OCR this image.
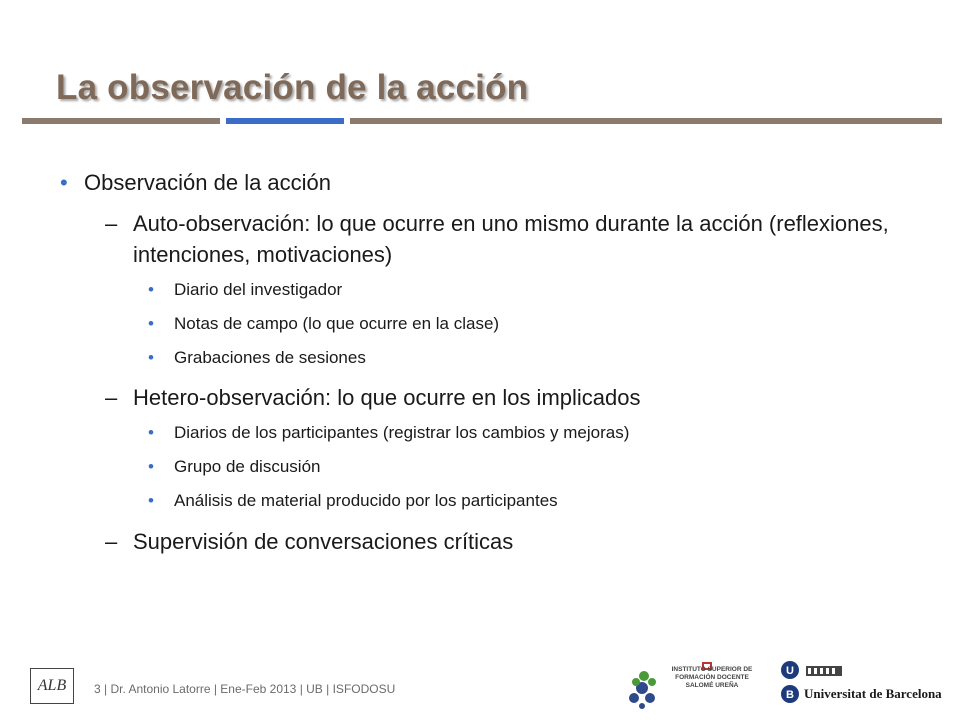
La observación de la acción
• Observación de la acción
– Auto-observación: lo que ocurre en uno mismo durante la acción (reflexiones, intenciones, motivaciones)
• Diario del investigador
• Notas de campo (lo que ocurre en la clase)
• Grabaciones de sesiones
– Hetero-observación: lo que ocurre en los implicados
• Diarios de los participantes (registrar los cambios y mejoras)
• Grupo de discusión
• Análisis de material producido por los participantes
– Supervisión de conversaciones críticas
ALB	3 | Dr. Antonio Latorre | Ene-Feb 2013 | UB | ISFODOSU
INSTITUTO SUPERIOR DE FORMACIÓN DOCENTE SALOMÉ UREÑA
U
B Universitat de Barcelona
